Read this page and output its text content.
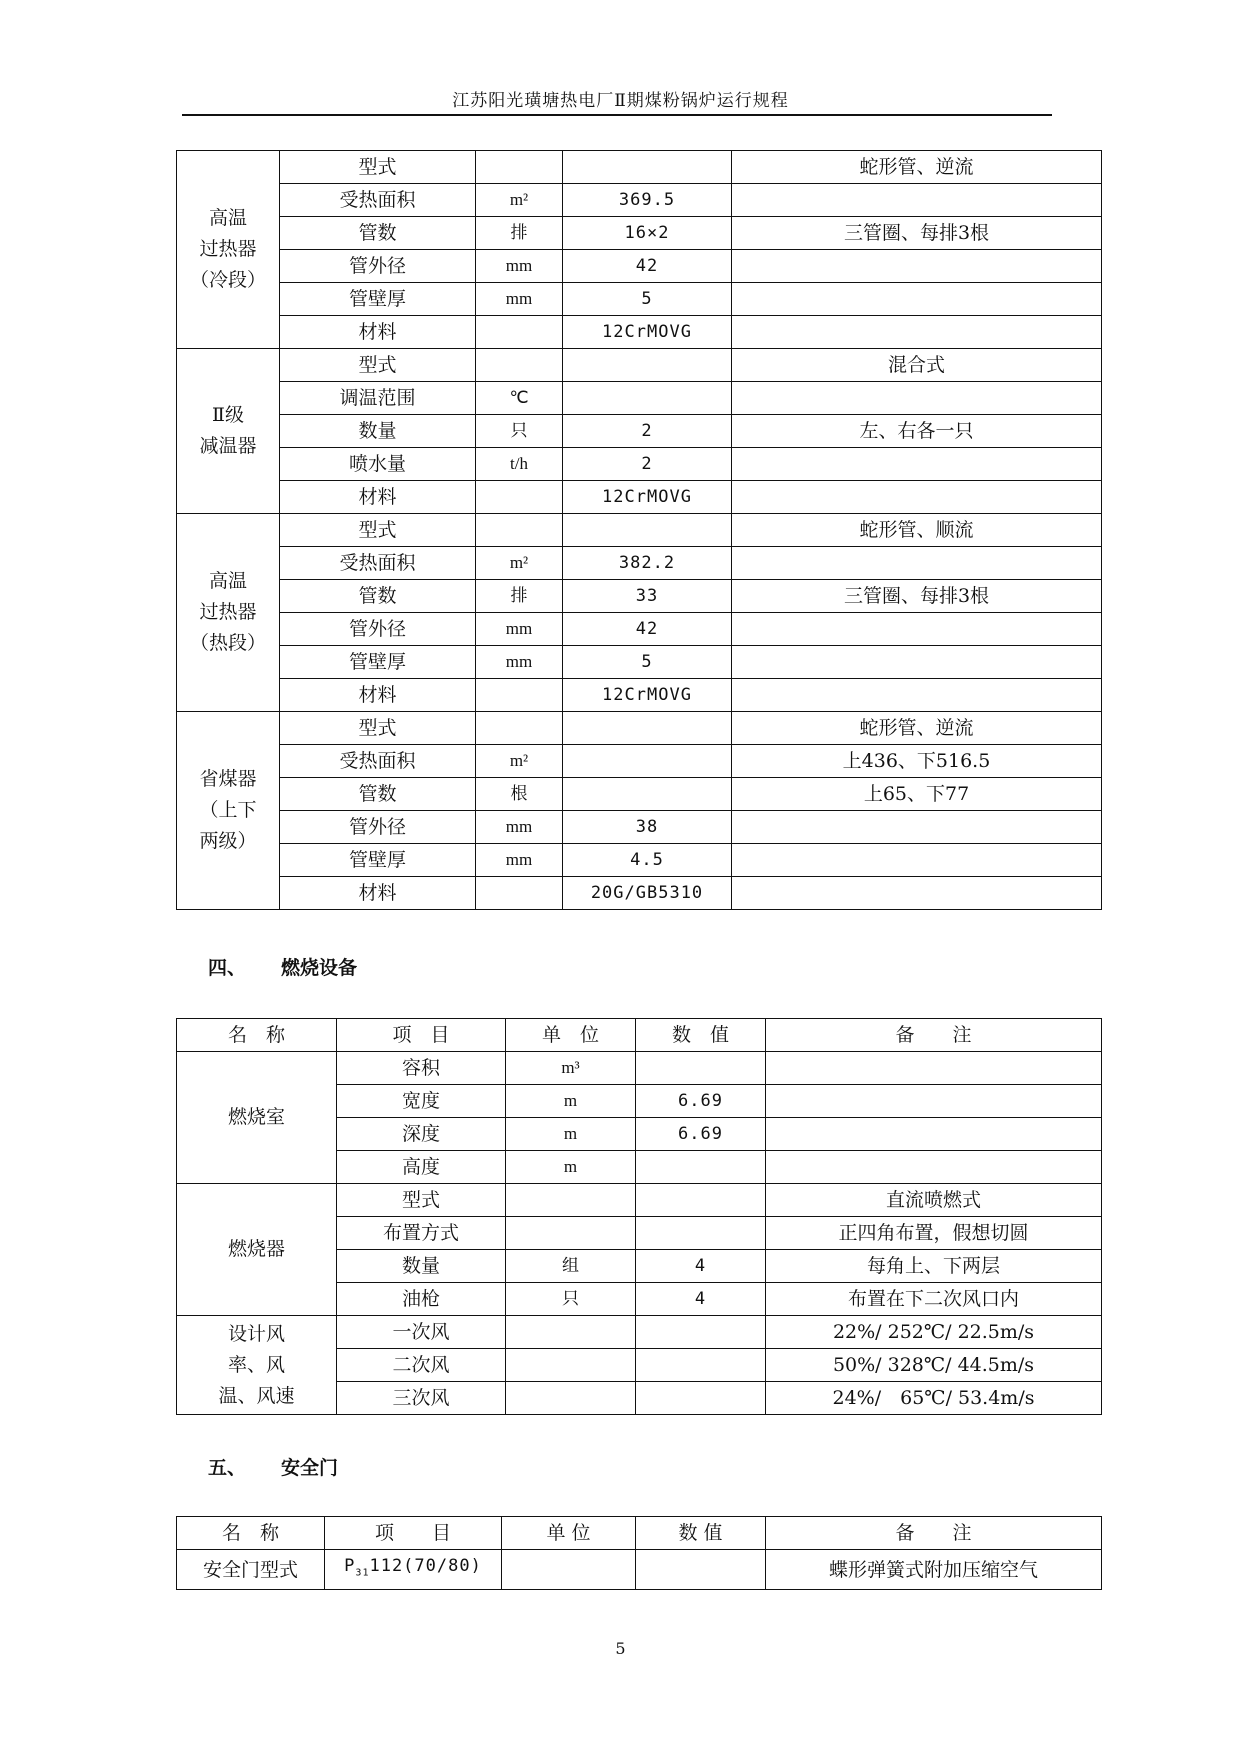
江苏阳光璜塘热电厂Ⅱ期煤粉锅炉运行规程
高温
过热器
（冷段）	型式			蛇形管、逆流
	受热面积	m²	369.5	
	管数	排	16×2	三管圈、每排3根
	管外径	mm	42	
	管壁厚	mm	5	
	材料		12CrMOVG	

Ⅱ级
减温器	型式			混合式
	调温范围	℃		
	数量	只	2	左、右各一只
	喷水量	t/h	2	
	材料		12CrMOVG	

高温
过热器
（热段）	型式			蛇形管、顺流
	受热面积	m²	382.2	
	管数	排	33	三管圈、每排3根
	管外径	mm	42	
	管壁厚	mm	5	
	材料		12CrMOVG	

省煤器
（上下
两级）	型式			蛇形管、逆流
	受热面积	m²		上436、下516.5
	管数	根		上65、下77
	管外径	mm	38	
	管壁厚	mm	4.5	
	材料		20G/GB5310	
四、 燃烧设备
名　称	项　目	单　位	数　值	备　　注

燃烧室	容积	m³		
	宽度	m	6.69	
	深度	m	6.69	
	高度	m		

燃烧器	型式			直流喷燃式
	布置方式			正四角布置，假想切圆
	数量	组	4	每角上、下两层
	油枪	只	4	布置在下二次风口内

设计风
率、风
温、风速	一次风			22%/ 252℃/ 22.5m/s
	二次风			50%/ 328℃/ 44.5m/s
	三次风			24%/　65℃/ 53.4m/s
五、 安全门
名　称	项　　目	单 位	数 值	备　　注
安全门型式	$P_{31}112(70/80)$			蝶形弹簧式附加压缩空气
5
